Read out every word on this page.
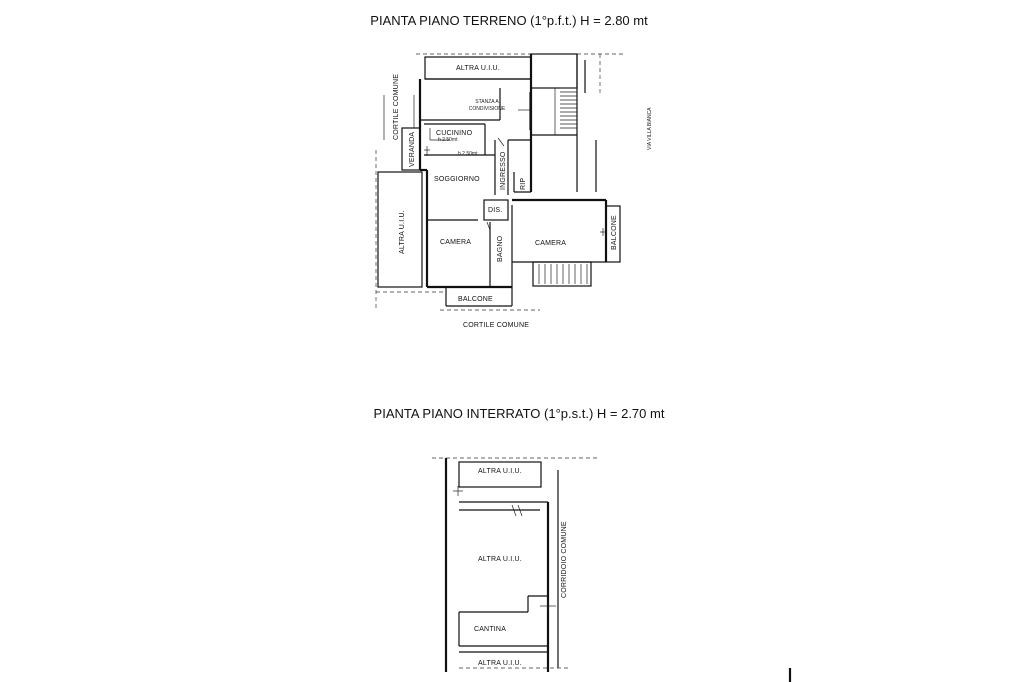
PIANTA PIANO TERRENO (1°p.f.t.) H = 2.80 mt
ALTRA U.I.U.
STANZA A
CONDIVISIONE
CUCININO
h 2.50mt
h 2.50mt
VERANDA
INGRESSO RIP
SOGGIORNO
DIS.
ALTRA U.I.U.	CAMERA	BAGNO	CAMERA	BALCONE
BALCONE
CORTILE COMUNE	VIA VILLA BIANCA
CORTILE COMUNE
PIANTA PIANO INTERRATO (1°p.s.t.) H = 2.70 mt
ALTRA U.I.U.
ALTRA U.I.U.
CANTINA
ALTRA U.I.U.
CORRIDOIO COMUNE
